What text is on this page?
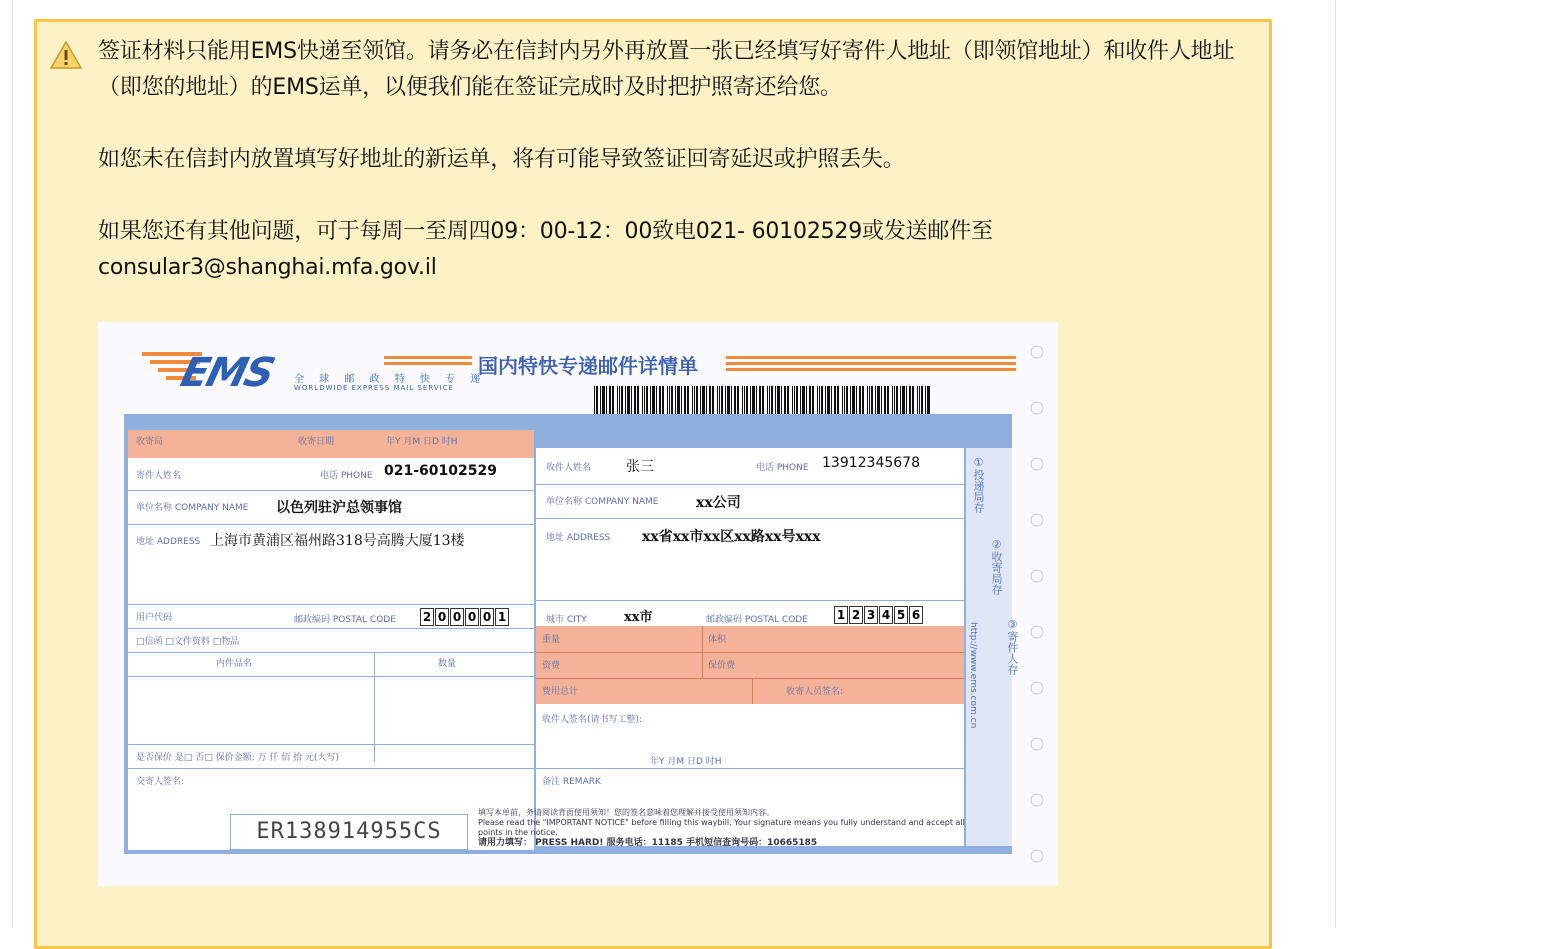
签证材料只能用EMS快递至领馆。请务必在信封内另外再放置一张已经填写好寄件人地址（即领馆地址）和收件人地址（即您的地址）的EMS运单，以便我们能在签证完成时及时把护照寄还给您。

如您未在信封内放置填写好地址的新运单，将有可能导致签证回寄延迟或护照丢失。

如果您还有其他问题，可于每周一至周四09：00-12：00致电021- 60102529或发送邮件至consular3@shanghai.mfa.gov.il

EMS 全 球 邮 政 特 快 专 递
WORLDWIDE EXPRESS MAIL SERVICE
国内特快专递邮件详情单
收寄局	收寄日期	年Y 月M 日D 时H
寄件人姓名	电话 PHONE 021-60102529
单位名称 COMPANY NAME 以色列驻沪总领事馆
地址 ADDRESS 上海市黄浦区福州路318号高腾大厦13楼
用户代码	邮政编码 POSTAL CODE 2 0 0 0 0 1
□信函 □文件资料 □物品
内件品名	数量
是否保价 是□ 否□ 保价金额: 万 仟 佰 拾 元(大写)
交寄人签名:
收件人姓名 张三	电话 PHONE 13912345678
单位名称 COMPANY NAME	xx公司
地址 ADDRESS xx省xx市xx区xx路xx号xxx
城市 CITY	xx市	邮政编码 POSTAL CODE 1 2 3 4 5 6
重量	体积
资费	保价费
费用总计	收寄人员签名:
收件人签名(请书写工整):
年Y 月M 日D 时H
备注 REMARK
①投递局存
②收寄局存
③寄件人存
http://www.ems.com.cn
ER138914955CS
填写本单前，务请阅读背面使用须知！您的签名意味着您理解并接受使用须知内容。
Please read the "IMPORTANT NOTICE" before filling this waybill. Your signature means you fully understand and accept all points in the notice.
请用力填写： PRESS HARD! 服务电话：11185 手机短信查询号码：10665185
